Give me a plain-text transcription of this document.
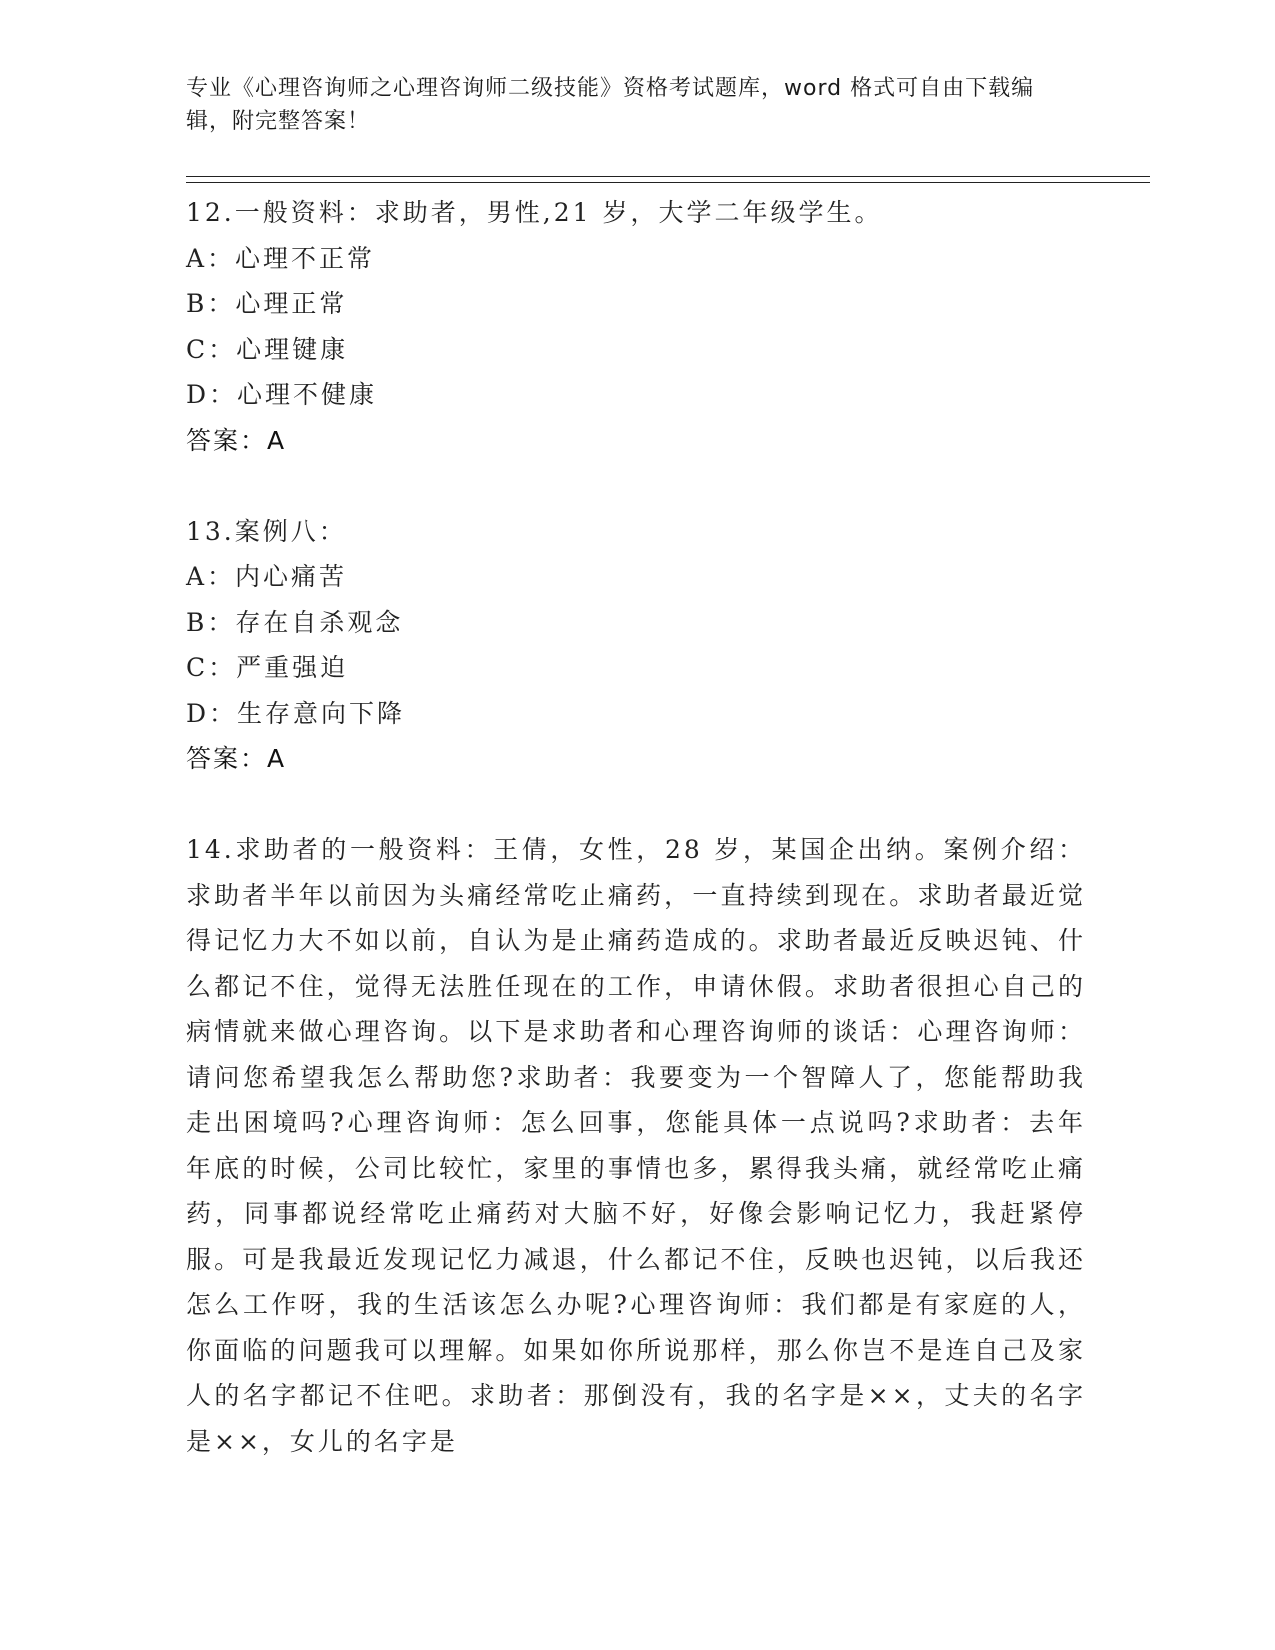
专业《心理咨询师之心理咨询师二级技能》资格考试题库，word 格式可自由下载编辑，附完整答案！
12.一般资料：求助者，男性,21 岁，大学二年级学生。
A：心理不正常
B：心理正常
C：心理键康
D：心理不健康
答案：A
13.案例八：
A：内心痛苦
B：存在自杀观念
C：严重强迫
D：生存意向下降
答案：A
14.求助者的一般资料：王倩，女性，28 岁，某国企出纳。案例介绍：求助者半年以前因为头痛经常吃止痛药，一直持续到现在。求助者最近觉得记忆力大不如以前，自认为是止痛药造成的。求助者最近反映迟钝、什么都记不住，觉得无法胜任现在的工作，申请休假。求助者很担心自己的病情就来做心理咨询。以下是求助者和心理咨询师的谈话：心理咨询师：请问您希望我怎么帮助您?求助者：我要变为一个智障人了，您能帮助我走出困境吗?心理咨询师：怎么回事，您能具体一点说吗?求助者：去年年底的时候，公司比较忙，家里的事情也多，累得我头痛，就经常吃止痛药，同事都说经常吃止痛药对大脑不好，好像会影响记忆力，我赶紧停服。可是我最近发现记忆力减退，什么都记不住，反映也迟钝，以后我还怎么工作呀，我的生活该怎么办呢?心理咨询师：我们都是有家庭的人，你面临的问题我可以理解。如果如你所说那样，那么你岂不是连自己及家人的名字都记不住吧。求助者：那倒没有，我的名字是××，丈夫的名字是××，女儿的名字是
